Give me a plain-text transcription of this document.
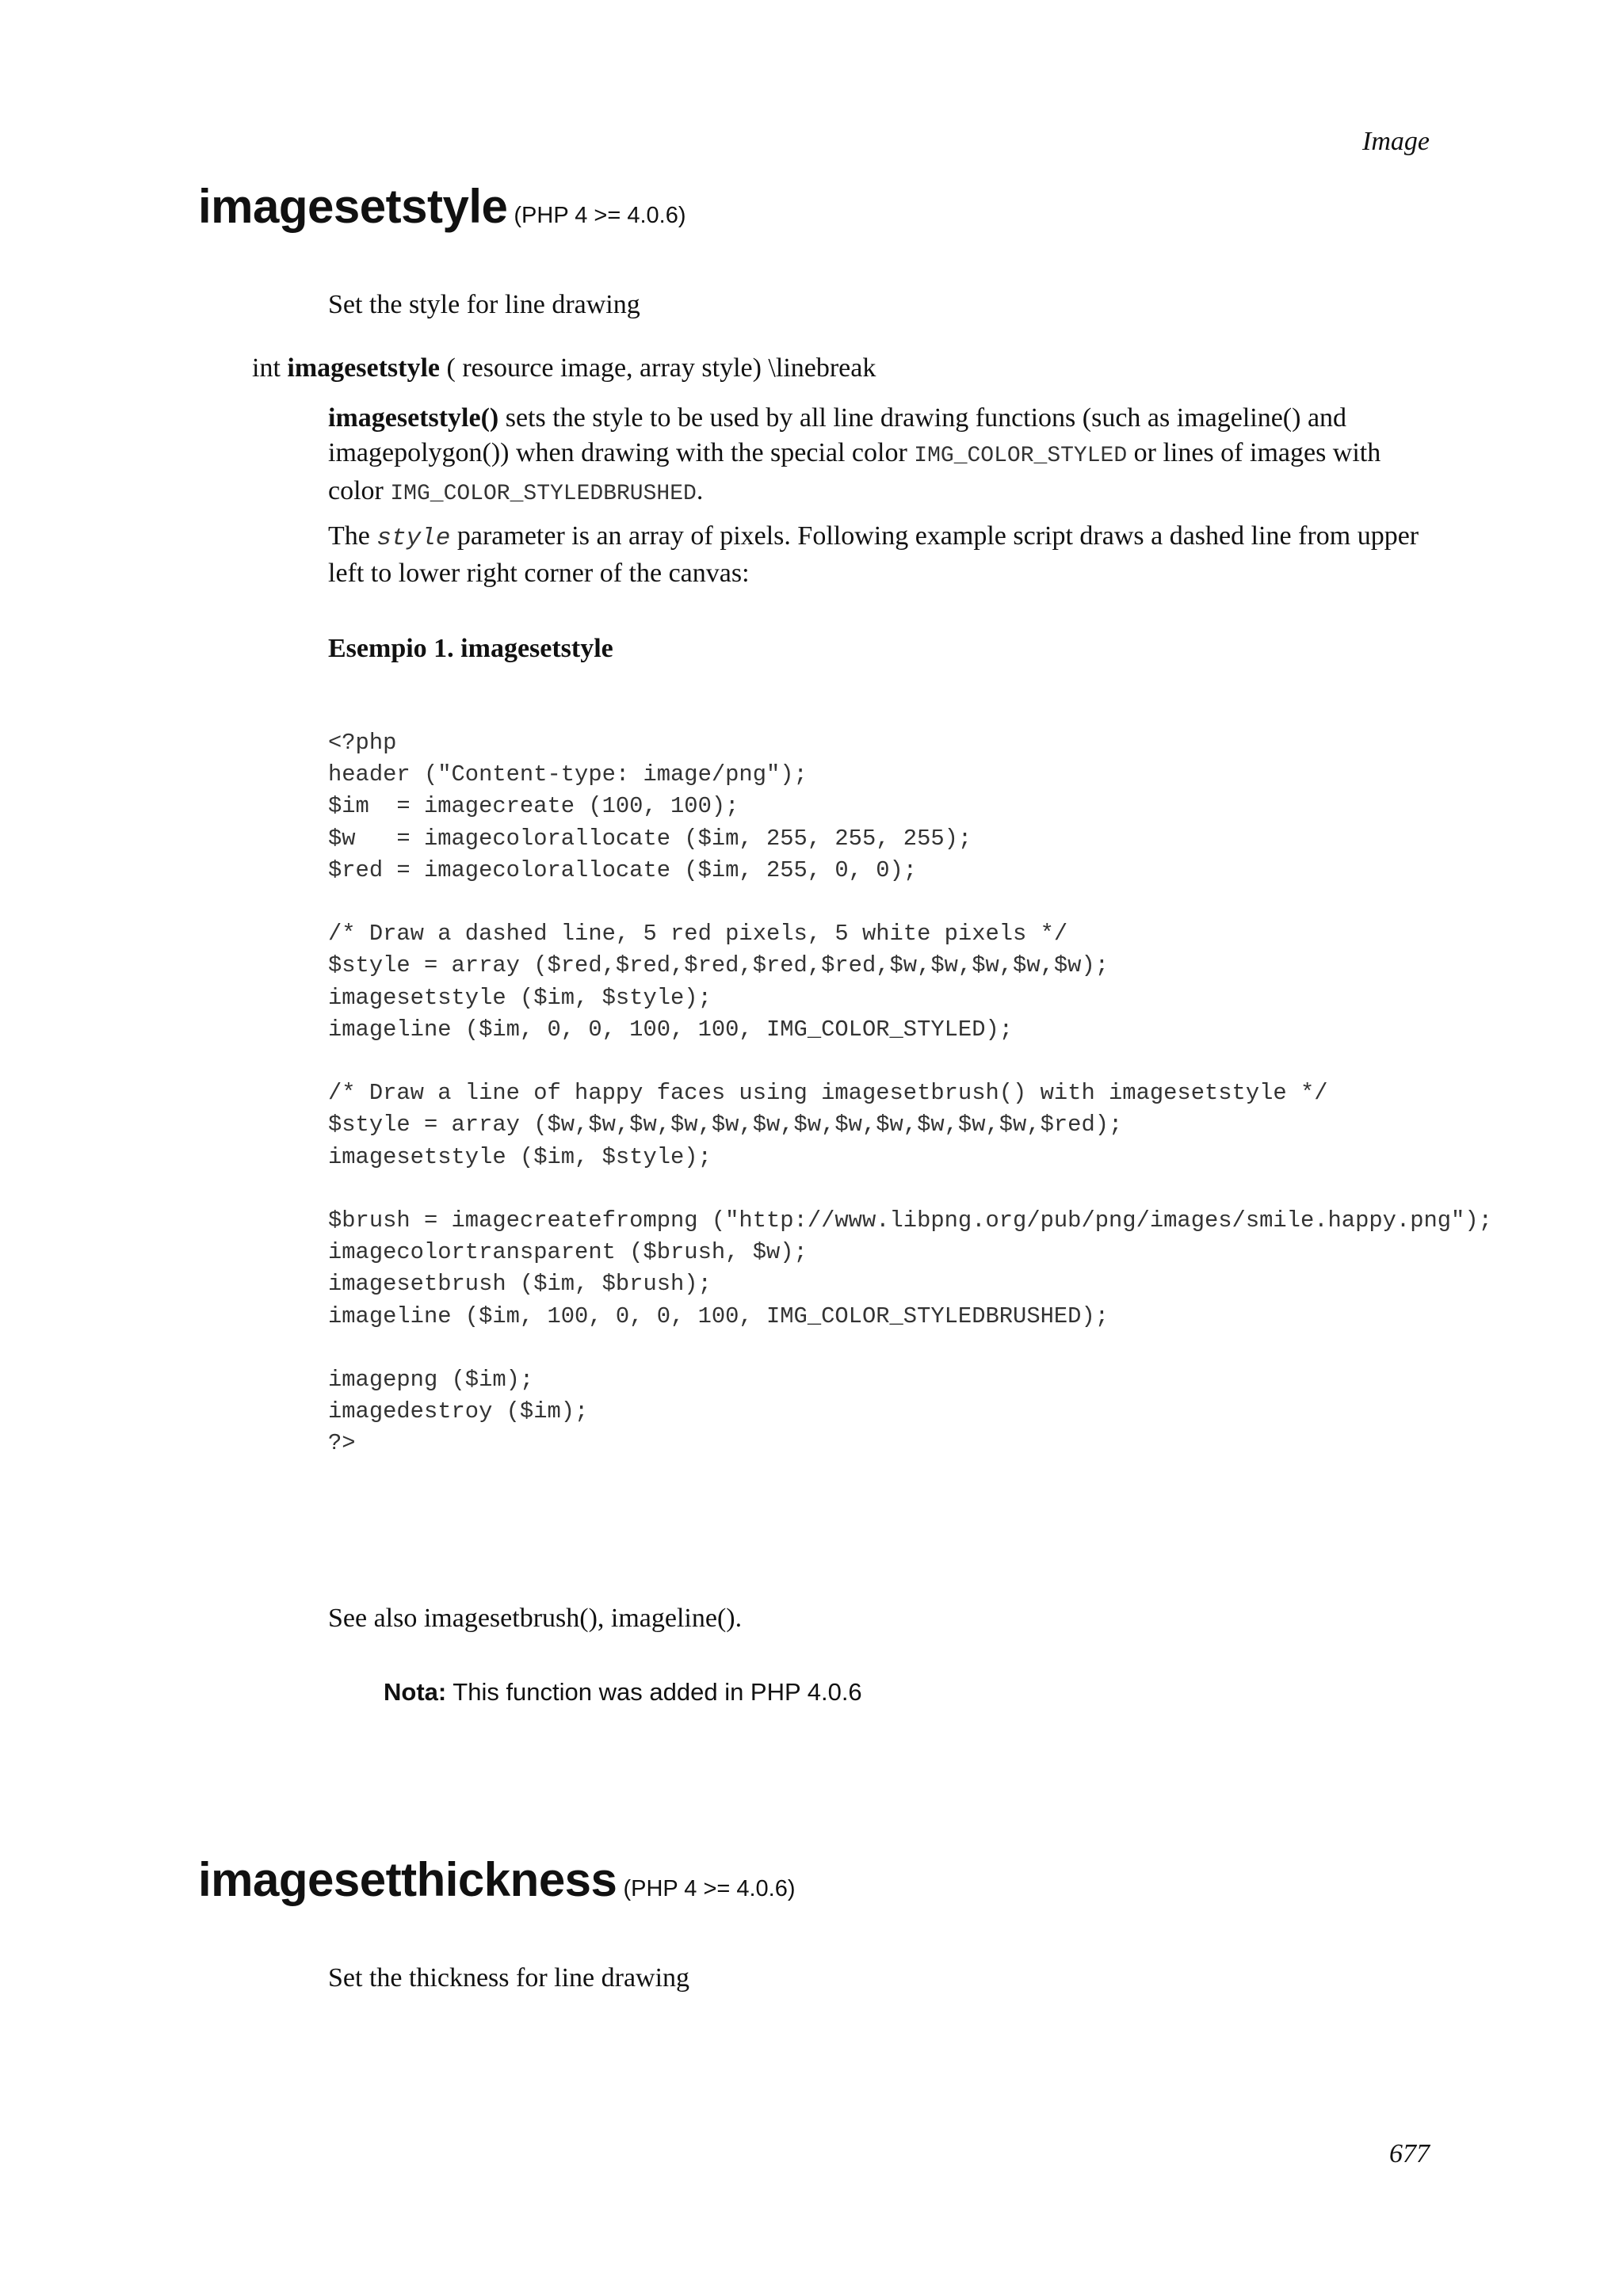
Image
imagesetstyle (PHP 4 >= 4.0.6)
Set the style for line drawing
int imagesetstyle ( resource image, array style) \linebreak
imagesetstyle() sets the style to be used by all line drawing functions (such as imageline() and imagepolygon()) when drawing with the special color IMG_COLOR_STYLED or lines of images with color IMG_COLOR_STYLEDBRUSHED.
The style parameter is an array of pixels. Following example script draws a dashed line from upper left to lower right corner of the canvas:
Esempio 1. imagesetstyle
<?php
header ("Content-type: image/png");
$im  = imagecreate (100, 100);
$w   = imagecolorallocate ($im, 255, 255, 255);
$red = imagecolorallocate ($im, 255, 0, 0);

/* Draw a dashed line, 5 red pixels, 5 white pixels */
$style = array ($red,$red,$red,$red,$red,$w,$w,$w,$w,$w);
imagesetstyle ($im, $style);
imageline ($im, 0, 0, 100, 100, IMG_COLOR_STYLED);

/* Draw a line of happy faces using imagesetbrush() with imagesetstyle */
$style = array ($w,$w,$w,$w,$w,$w,$w,$w,$w,$w,$w,$w,$red);
imagesetstyle ($im, $style);

$brush = imagecreatefrompng ("http://www.libpng.org/pub/png/images/smile.happy.png");
imagecolortransparent ($brush, $w);
imagesetbrush ($im, $brush);
imageline ($im, 100, 0, 0, 100, IMG_COLOR_STYLEDBRUSHED);

imagepng ($im);
imagedestroy ($im);
?>
See also imagesetbrush(), imageline().
Nota: This function was added in PHP 4.0.6
imagesetthickness (PHP 4 >= 4.0.6)
Set the thickness for line drawing
677
